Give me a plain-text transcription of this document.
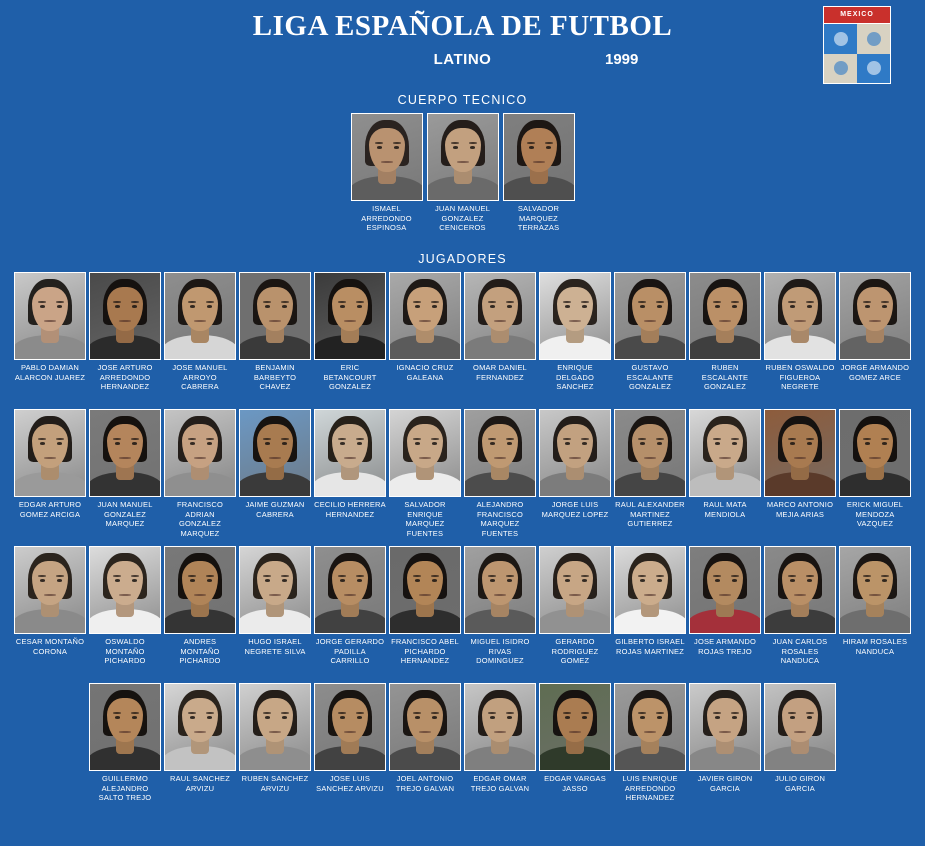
LIGA ESPAÑOLA DE FUTBOL
LATINO	1999
MEXICO
CUERPO TECNICO
ISMAEL ARREDONDO ESPINOSA
JUAN MANUEL GONZALEZ CENICEROS
SALVADOR MARQUEZ TERRAZAS
JUGADORES
PABLO DAMIAN ALARCON JUAREZ
JOSE ARTURO ARREDONDO HERNANDEZ
JOSE MANUEL ARROYO CABRERA
BENJAMIN BARBEYTO CHAVEZ
ERIC BETANCOURT GONZALEZ
IGNACIO CRUZ GALEANA
OMAR DANIEL FERNANDEZ
ENRIQUE DELGADO SANCHEZ
GUSTAVO ESCALANTE GONZALEZ
RUBEN ESCALANTE GONZALEZ
RUBEN OSWALDO FIGUEROA NEGRETE
JORGE ARMANDO GOMEZ ARCE
EDGAR ARTURO GOMEZ ARCIGA
JUAN MANUEL GONZALEZ MARQUEZ
FRANCISCO ADRIAN GONZALEZ MARQUEZ
JAIME GUZMAN CABRERA
CECILIO HERRERA HERNANDEZ
SALVADOR ENRIQUE MARQUEZ FUENTES
ALEJANDRO FRANCISCO MARQUEZ FUENTES
JORGE LUIS MARQUEZ LOPEZ
RAUL ALEXANDER MARTINEZ GUTIERREZ
RAUL MATA MENDIOLA
MARCO ANTONIO MEJIA ARIAS
ERICK MIGUEL MENDOZA VAZQUEZ
CESAR MONTAÑO CORONA
OSWALDO MONTAÑO PICHARDO
ANDRES MONTAÑO PICHARDO
HUGO ISRAEL NEGRETE SILVA
JORGE GERARDO PADILLA CARRILLO
FRANCISCO ABEL PICHARDO HERNANDEZ
MIGUEL ISIDRO RIVAS DOMINGUEZ
GERARDO RODRIGUEZ GOMEZ
GILBERTO ISRAEL ROJAS MARTINEZ
JOSE ARMANDO ROJAS TREJO
JUAN CARLOS ROSALES NANDUCA
HIRAM ROSALES NANDUCA
GUILLERMO ALEJANDRO SALTO TREJO
RAUL SANCHEZ ARVIZU
RUBEN SANCHEZ ARVIZU
JOSE LUIS SANCHEZ ARVIZU
JOEL ANTONIO TREJO GALVAN
EDGAR OMAR TREJO GALVAN
EDGAR VARGAS JASSO
LUIS ENRIQUE ARREDONDO HERNANDEZ
JAVIER GIRON GARCIA
JULIO GIRON GARCIA
